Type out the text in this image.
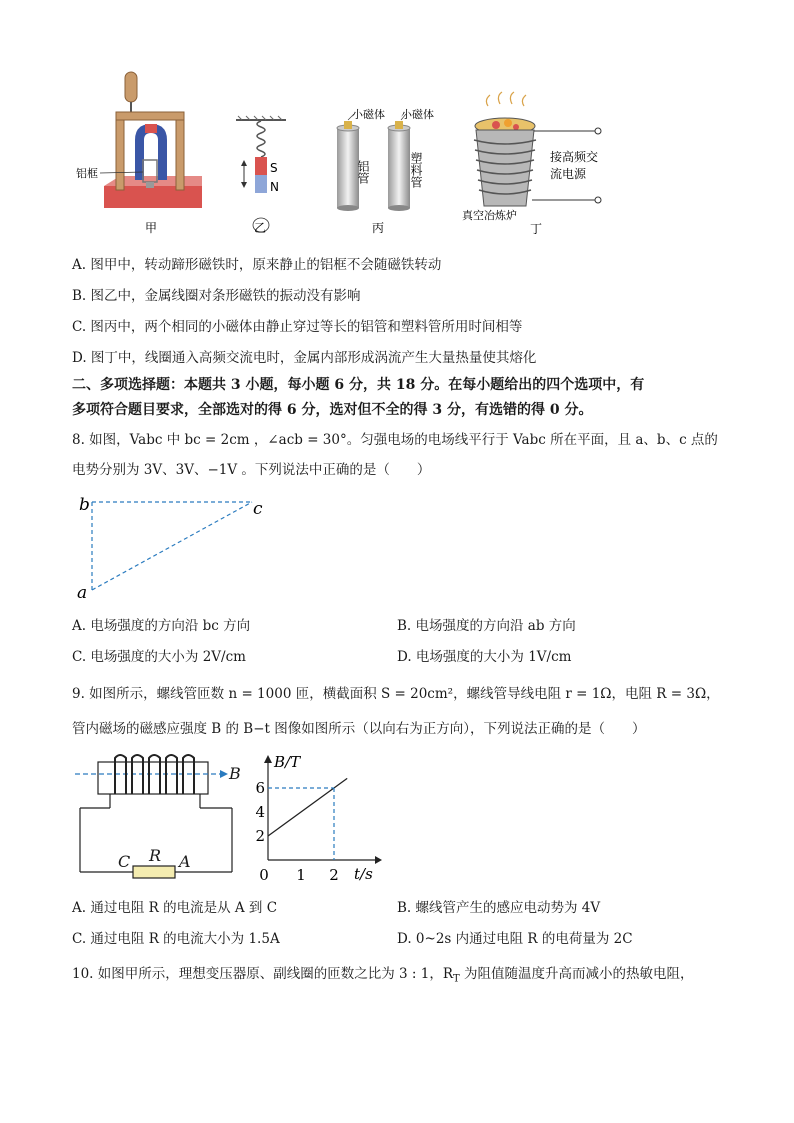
铝框
甲
S
N
乙
小磁体 小磁体
铝管	塑料管
丙
接高频交
流电源
真空冶炼炉
丁
A. 图甲中，转动蹄形磁铁时，原来静止的铝框不会随磁铁转动
B. 图乙中，金属线圈对条形磁铁的振动没有影响
C. 图丙中，两个相同的小磁体由静止穿过等长的铝管和塑料管所用时间相等
D. 图丁中，线圈通入高频交流电时，金属内部形成涡流产生大量热量使其熔化
二、多项选择题：本题共 3 小题，每小题 6 分，共 18 分。在每小题给出的四个选项中，有
多项符合题目要求，全部选对的得 6 分，选对但不全的得 3 分，有选错的得 0 分。
8. 如图，Vabc 中 bc = 2cm ，∠acb = 30°。匀强电场的电场线平行于 Vabc 所在平面，且 a、b、c 点的
电势分别为 3V、3V、−1V 。下列说法中正确的是（　　）
b	c
a
A. 电场强度的方向沿 bc 方向	B. 电场强度的方向沿 ab 方向
C. 电场强度的大小为 2V/cm	D. 电场强度的大小为 1V/cm
9. 如图所示，螺线管匝数 n = 1000 匝，横截面积 S = 20cm²，螺线管导线电阻 r = 1Ω，电阻 R = 3Ω，
管内磁场的磁感应强度 B 的 B−t 图像如图所示（以向右为正方向），下列说法正确的是（　　）
B
C R A
2
4
6
0 1 2
B/T
t/s
A. 通过电阻 R 的电流是从 A 到 C	B. 螺线管产生的感应电动势为 4V
C. 通过电阻 R 的电流大小为 1.5A	D. 0~2s 内通过电阻 R 的电荷量为 2C
10. 如图甲所示，理想变压器原、副线圈的匝数之比为 3 : 1，$R_T$ 为阻值随温度升高而减小的热敏电阻，
